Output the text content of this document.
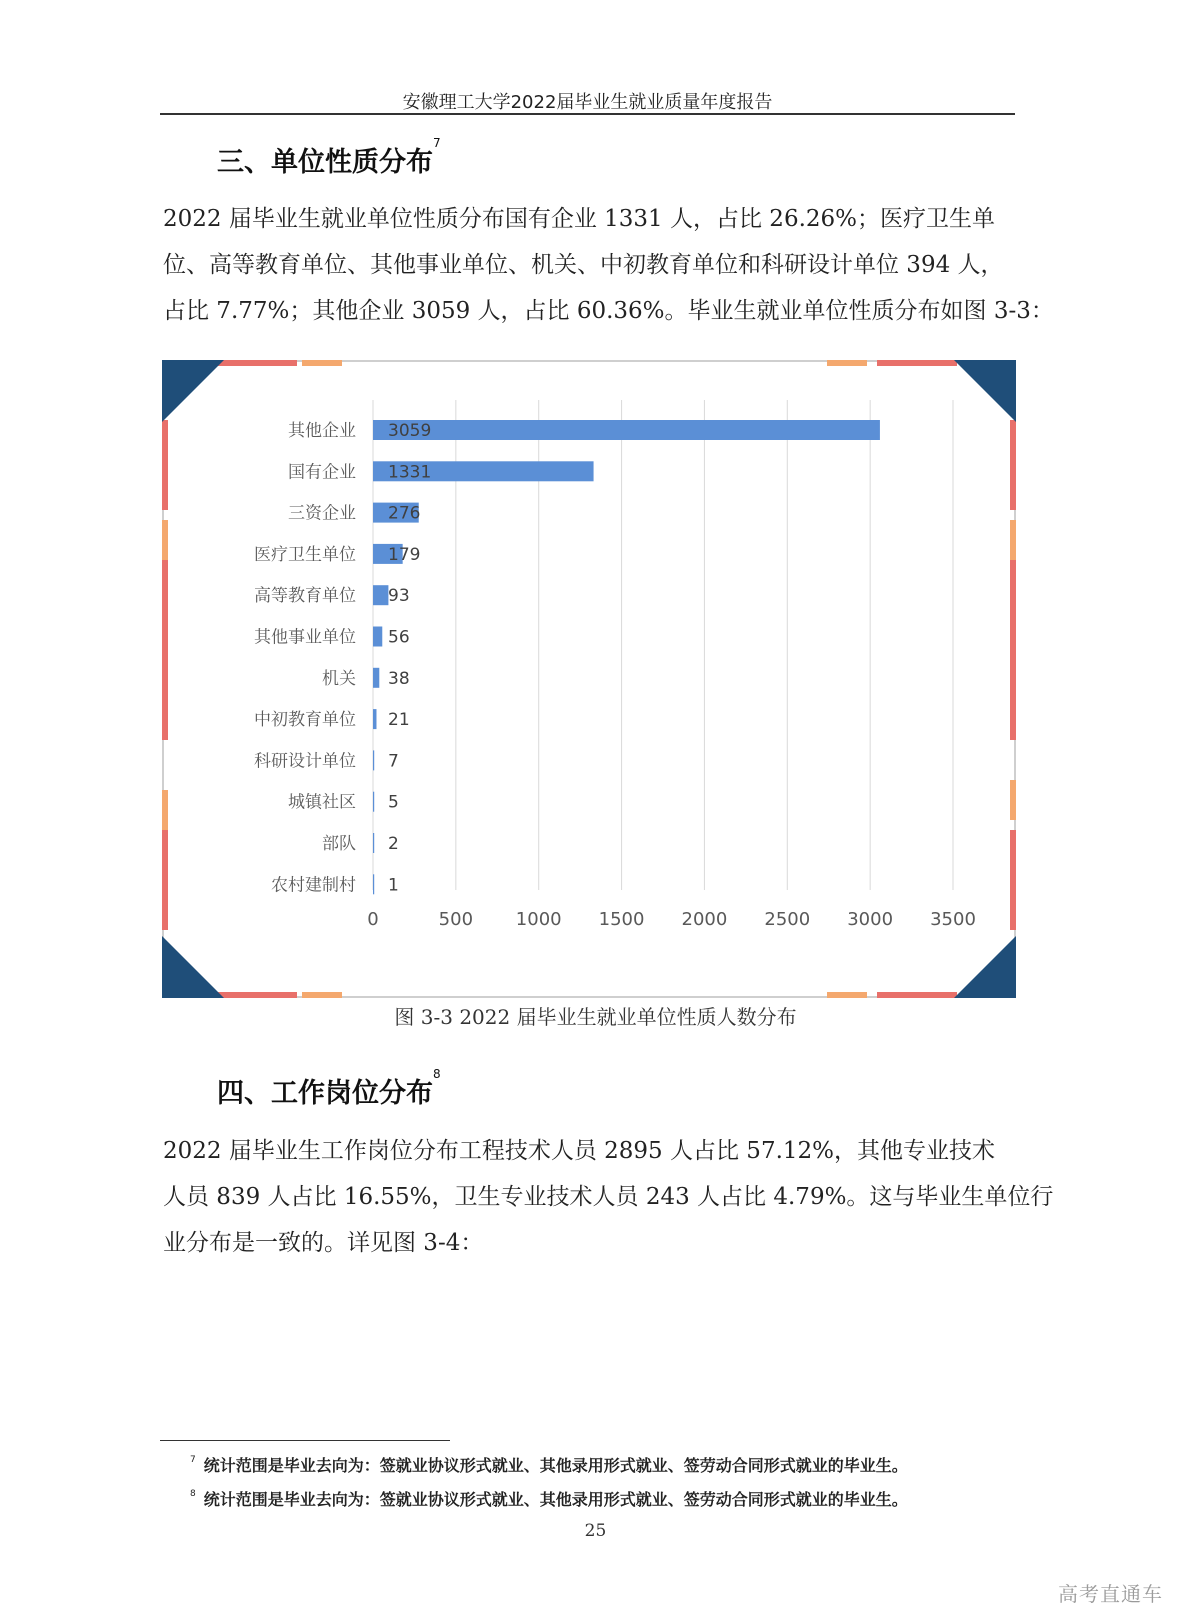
安徽理工大学2022届毕业生就业质量年度报告
三、单位性质分布$^7$
2022 届毕业生就业单位性质分布国有企业 1331 人，占比 26.26%；医疗卫生单
位、高等教育单位、其他事业单位、机关、中初教育单位和科研设计单位 394 人，
占比 7.77%；其他企业 3059 人，占比 60.36%。毕业生就业单位性质分布如图 3-3：
其他企业
国有企业
三资企业
医疗卫生单位
高等教育单位
其他事业单位
机关
中初教育单位
科研设计单位
城镇社区
部队
农村建制村
3059
1331
276
179
93
56
38
21
7
5
2
1
0	500 1000 1500 2000 2500 3000 3500
图 3-3 2022 届毕业生就业单位性质人数分布
四、工作岗位分布$^8$
2022 届毕业生工作岗位分布工程技术人员 2895 人占比 57.12%，其他专业技术
人员 839 人占比 16.55%，卫生专业技术人员 243 人占比 4.79%。这与毕业生单位行
业分布是一致的。详见图 3-4：
$^7$ 统计范围是毕业去向为：签就业协议形式就业、其他录用形式就业、签劳动合同形式就业的毕业生。
$^8$ 统计范围是毕业去向为：签就业协议形式就业、其他录用形式就业、签劳动合同形式就业的毕业生。
25
高考直通车
